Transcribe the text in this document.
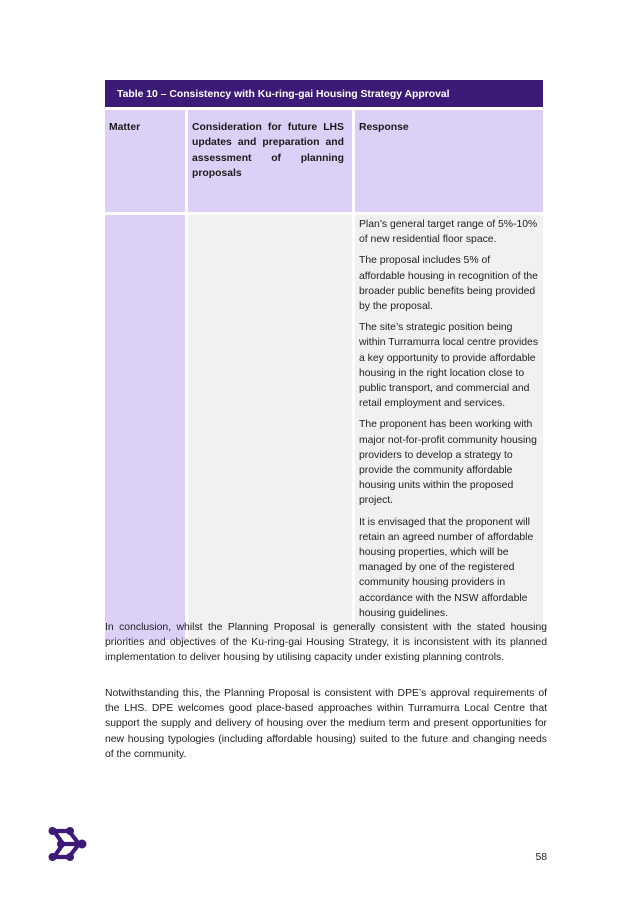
Table 10 – Consistency with Ku-ring-gai Housing Strategy Approval
Matter	Consideration for future LHS updates and preparation and assessment of planning proposals
Response

Plan’s general target range of 5%-10% of new residential floor space.

The proposal includes 5% of affordable housing in recognition of the broader public benefits being provided by the proposal.

The site’s strategic position being within Turramurra local centre provides a key opportunity to provide affordable housing in the right location close to public transport, and commercial and retail employment and services.

The proponent has been working with major not-for-profit community housing providers to develop a strategy to provide the community affordable housing units within the proposed project.

It is envisaged that the proponent will retain an agreed number of affordable housing properties, which will be managed by one of the registered community housing providers in accordance with the NSW affordable housing guidelines.

In conclusion, whilst the Planning Proposal is generally consistent with the stated housing priorities and objectives of the Ku-ring-gai Housing Strategy, it is inconsistent with its planned implementation to deliver housing by utilising capacity under existing planning controls.

Notwithstanding this, the Planning Proposal is consistent with DPE’s approval requirements of the LHS. DPE welcomes good place-based approaches within Turramurra Local Centre that support the supply and delivery of housing over the medium term and present opportunities for new housing typologies (including affordable housing) suited to the future and changing needs of the community.

58
